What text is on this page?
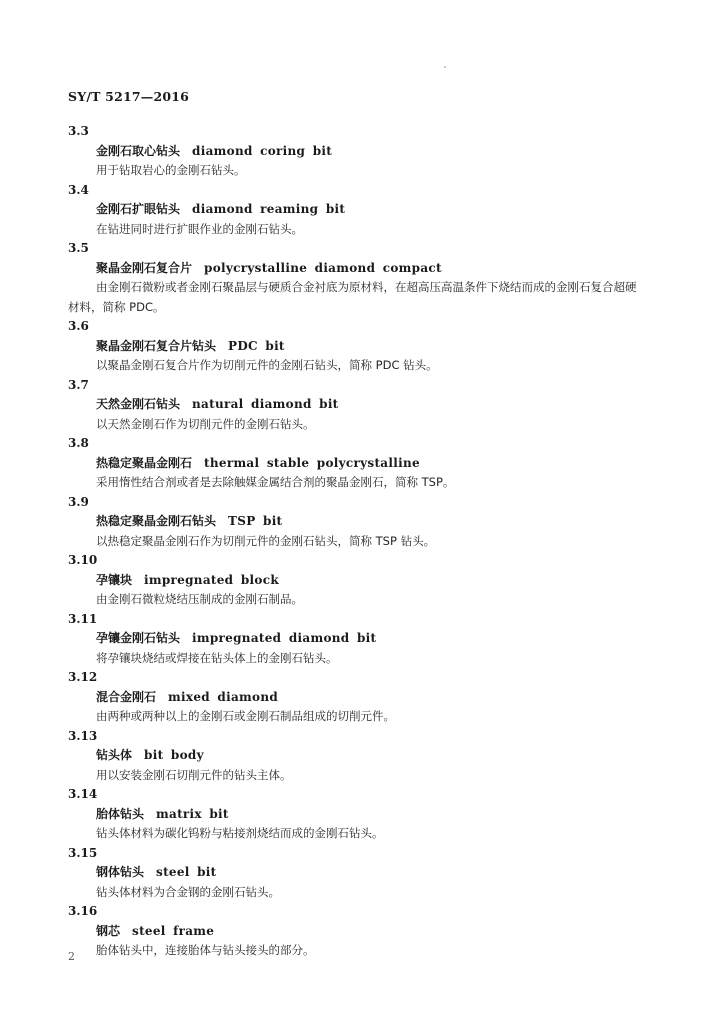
SY/T 5217—2016
3.3
金刚石取心钻头 diamond coring bit
用于钻取岩心的金刚石钻头。
3.4
金刚石扩眼钻头 diamond reaming bit
在钻进同时进行扩眼作业的金刚石钻头。
3.5
聚晶金刚石复合片 polycrystalline diamond compact
由金刚石微粉或者金刚石聚晶层与硬质合金衬底为原材料，在超高压高温条件下烧结而成的金刚石复合超硬材料，简称 PDC。
3.6
聚晶金刚石复合片钻头 PDC bit
以聚晶金刚石复合片作为切削元件的金刚石钻头，简称 PDC 钻头。
3.7
天然金刚石钻头 natural diamond bit
以天然金刚石作为切削元件的金刚石钻头。
3.8
热稳定聚晶金刚石 thermal stable polycrystalline
采用惰性结合剂或者是去除触媒金属结合剂的聚晶金刚石，简称 TSP。
3.9
热稳定聚晶金刚石钻头 TSP bit
以热稳定聚晶金刚石作为切削元件的金刚石钻头，简称 TSP 钻头。
3.10
孕镶块 impregnated block
由金刚石微粒烧结压制成的金刚石制品。
3.11
孕镶金刚石钻头 impregnated diamond bit
将孕镶块烧结或焊接在钻头体上的金刚石钻头。
3.12
混合金刚石 mixed diamond
由两种或两种以上的金刚石或金刚石制品组成的切削元件。
3.13
钻头体 bit body
用以安装金刚石切削元件的钻头主体。
3.14
胎体钻头 matrix bit
钻头体材料为碳化钨粉与粘接剂烧结而成的金刚石钻头。
3.15
钢体钻头 steel bit
钻头体材料为合金钢的金刚石钻头。
3.16
钢芯 steel frame
胎体钻头中，连接胎体与钻头接头的部分。
2
